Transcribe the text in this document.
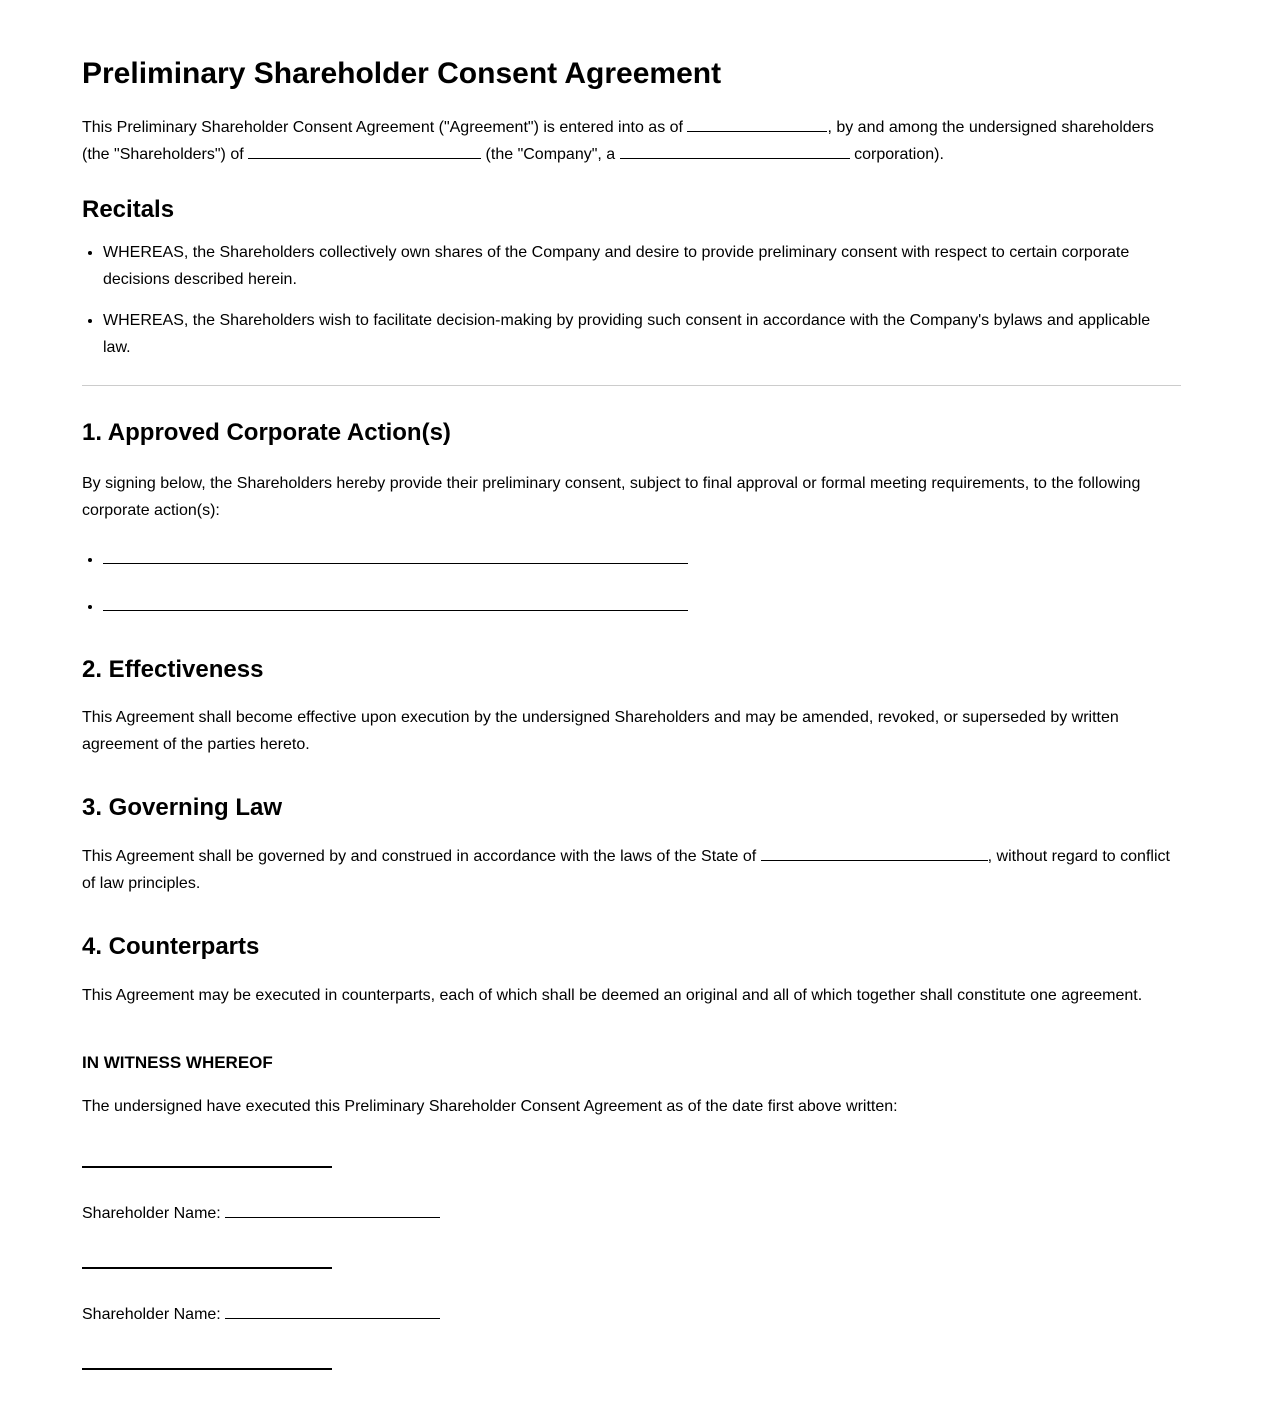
Preliminary Shareholder Consent Agreement

This Preliminary Shareholder Consent Agreement ("Agreement") is entered into as of	, by and among the undersigned shareholders (the "Shareholders") of	(the "Company", a	corporation).

Recitals
• WHEREAS, the Shareholders collectively own shares of the Company and desire to provide preliminary consent with respect to certain corporate decisions described herein.
• WHEREAS, the Shareholders wish to facilitate decision-making by providing such consent in accordance with the Company's bylaws and applicable law.
1. Approved Corporate Action(s)

By signing below, the Shareholders hereby provide their preliminary consent, subject to final approval or formal meeting requirements, to the following corporate action(s):

•
•
2. Effectiveness

This Agreement shall become effective upon execution by the undersigned Shareholders and may be amended, revoked, or superseded by written agreement of the parties hereto.

3. Governing Law

This Agreement shall be governed by and construed in accordance with the laws of the State of	, without regard to conflict of law principles.

4. Counterparts

This Agreement may be executed in counterparts, each of which shall be deemed an original and all of which together shall constitute one agreement.

IN WITNESS WHEREOF

The undersigned have executed this Preliminary Shareholder Consent Agreement as of the date first above written:

Shareholder Name:
Shareholder Name:
